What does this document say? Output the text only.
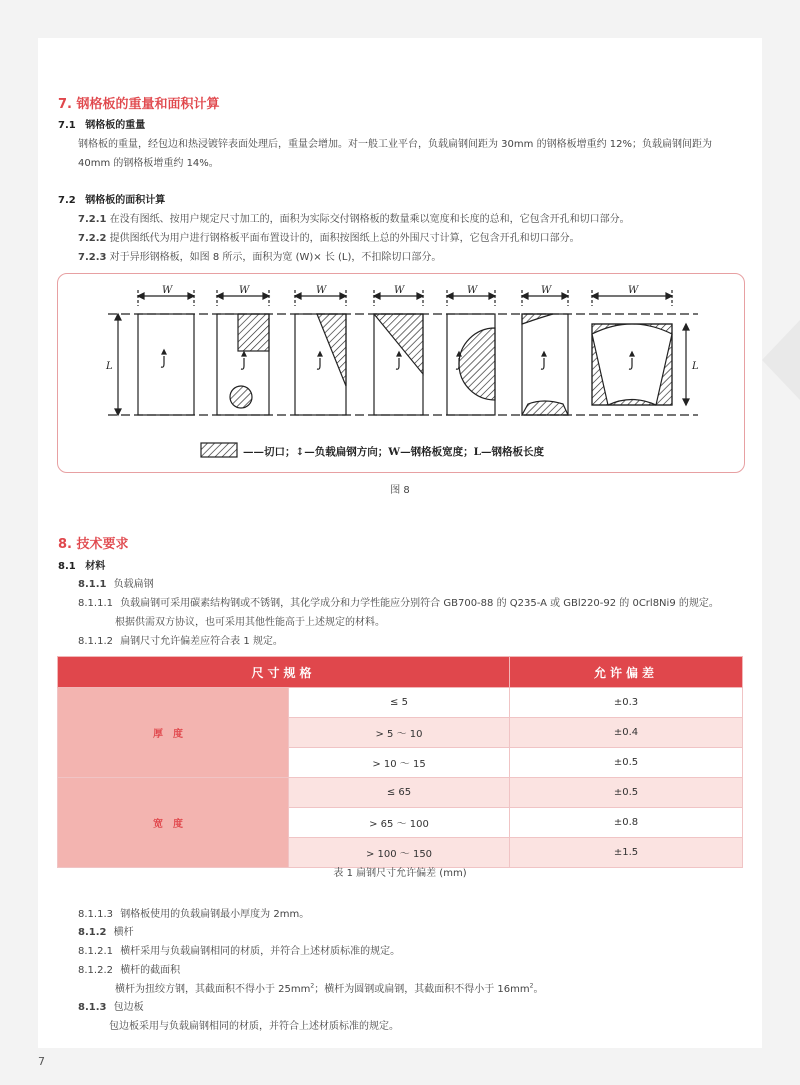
7. 钢格板的重量和面积计算
7.1 钢格板的重量
钢格板的重量，经包边和热浸镀锌表面处理后，重量会增加。对一般工业平台，负载扁钢间距为 30mm 的钢格板增重约 12%；负载扁钢间距为
40mm 的钢格板增重约 14%。
7.2 钢格板的面积计算
7.2.1 在没有图纸、按用户规定尺寸加工的，面积为实际交付钢格板的数量乘以宽度和长度的总和，它包含开孔和切口部分。
7.2.2 提供图纸代为用户进行钢格板平面布置设计的，面积按图纸上总的外围尺寸计算，它包含开孔和切口部分。
7.2.3 对于异形钢格板，如图 8 所示，面积为宽 (W)× 长 (L)，不扣除切口部分。
W	W	W	W	W	W	W
L	L
——切口；↕—负载扁钢方向；W—钢格板宽度；L—钢格板长度
图 8
8. 技术要求
8.1 材料
8.1.1 负载扁钢
8.1.1.1 负载扁钢可采用碳素结构钢或不锈钢，其化学成分和力学性能应分别符合 GB700-88 的 Q235-A 或 GBl220-92 的 0Crl8Ni9 的规定。
根据供需双方协议，也可采用其他性能高于上述规定的材料。
8.1.1.2 扁钢尺寸允许偏差应符合表 1 规定。
尺寸规格		允许偏差
厚度	≤ 5	±0.3
	> 5 ～ 10	±0.4
	> 10 ～ 15	±0.5
宽度	≤ 65	±0.5
	> 65 ～ 100	±0.8
	> 100 ～ 150	±1.5
表 1 扁钢尺寸允许偏差 (mm)
8.1.1.3 钢格板使用的负载扁钢最小厚度为 2mm。
8.1.2 横杆
8.1.2.1 横杆采用与负载扁钢相同的材质，并符合上述材质标准的规定。
8.1.2.2 横杆的截面积
横杆为扭绞方钢，其截面积不得小于 $25mm^2$；横杆为圆钢或扁钢，其截面积不得小于 $16mm^2$。
8.1.3 包边板
包边板采用与负载扁钢相同的材质，并符合上述材质标准的规定。
7
